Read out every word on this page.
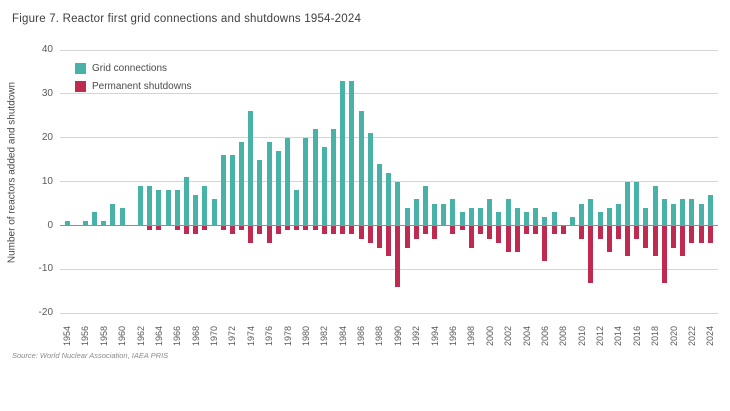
Figure 7. Reactor first grid connections and shutdowns 1954-2024
Number of reactors added and shutdown
Grid connections
Permanent shutdowns
40
30
20
10
0
-10
-20
1954 1956 1958 1960 1962 1964 1966 1968 1970 1972 1974 1976 1978 1980 1982 1984 1986 1988 1990 1992 1994 1996 1998 2000 2002 2004 2006 2008 2010 2012 2014 2016 2018 2020 2022 2024
Source: World Nuclear Association, IAEA PRIS
